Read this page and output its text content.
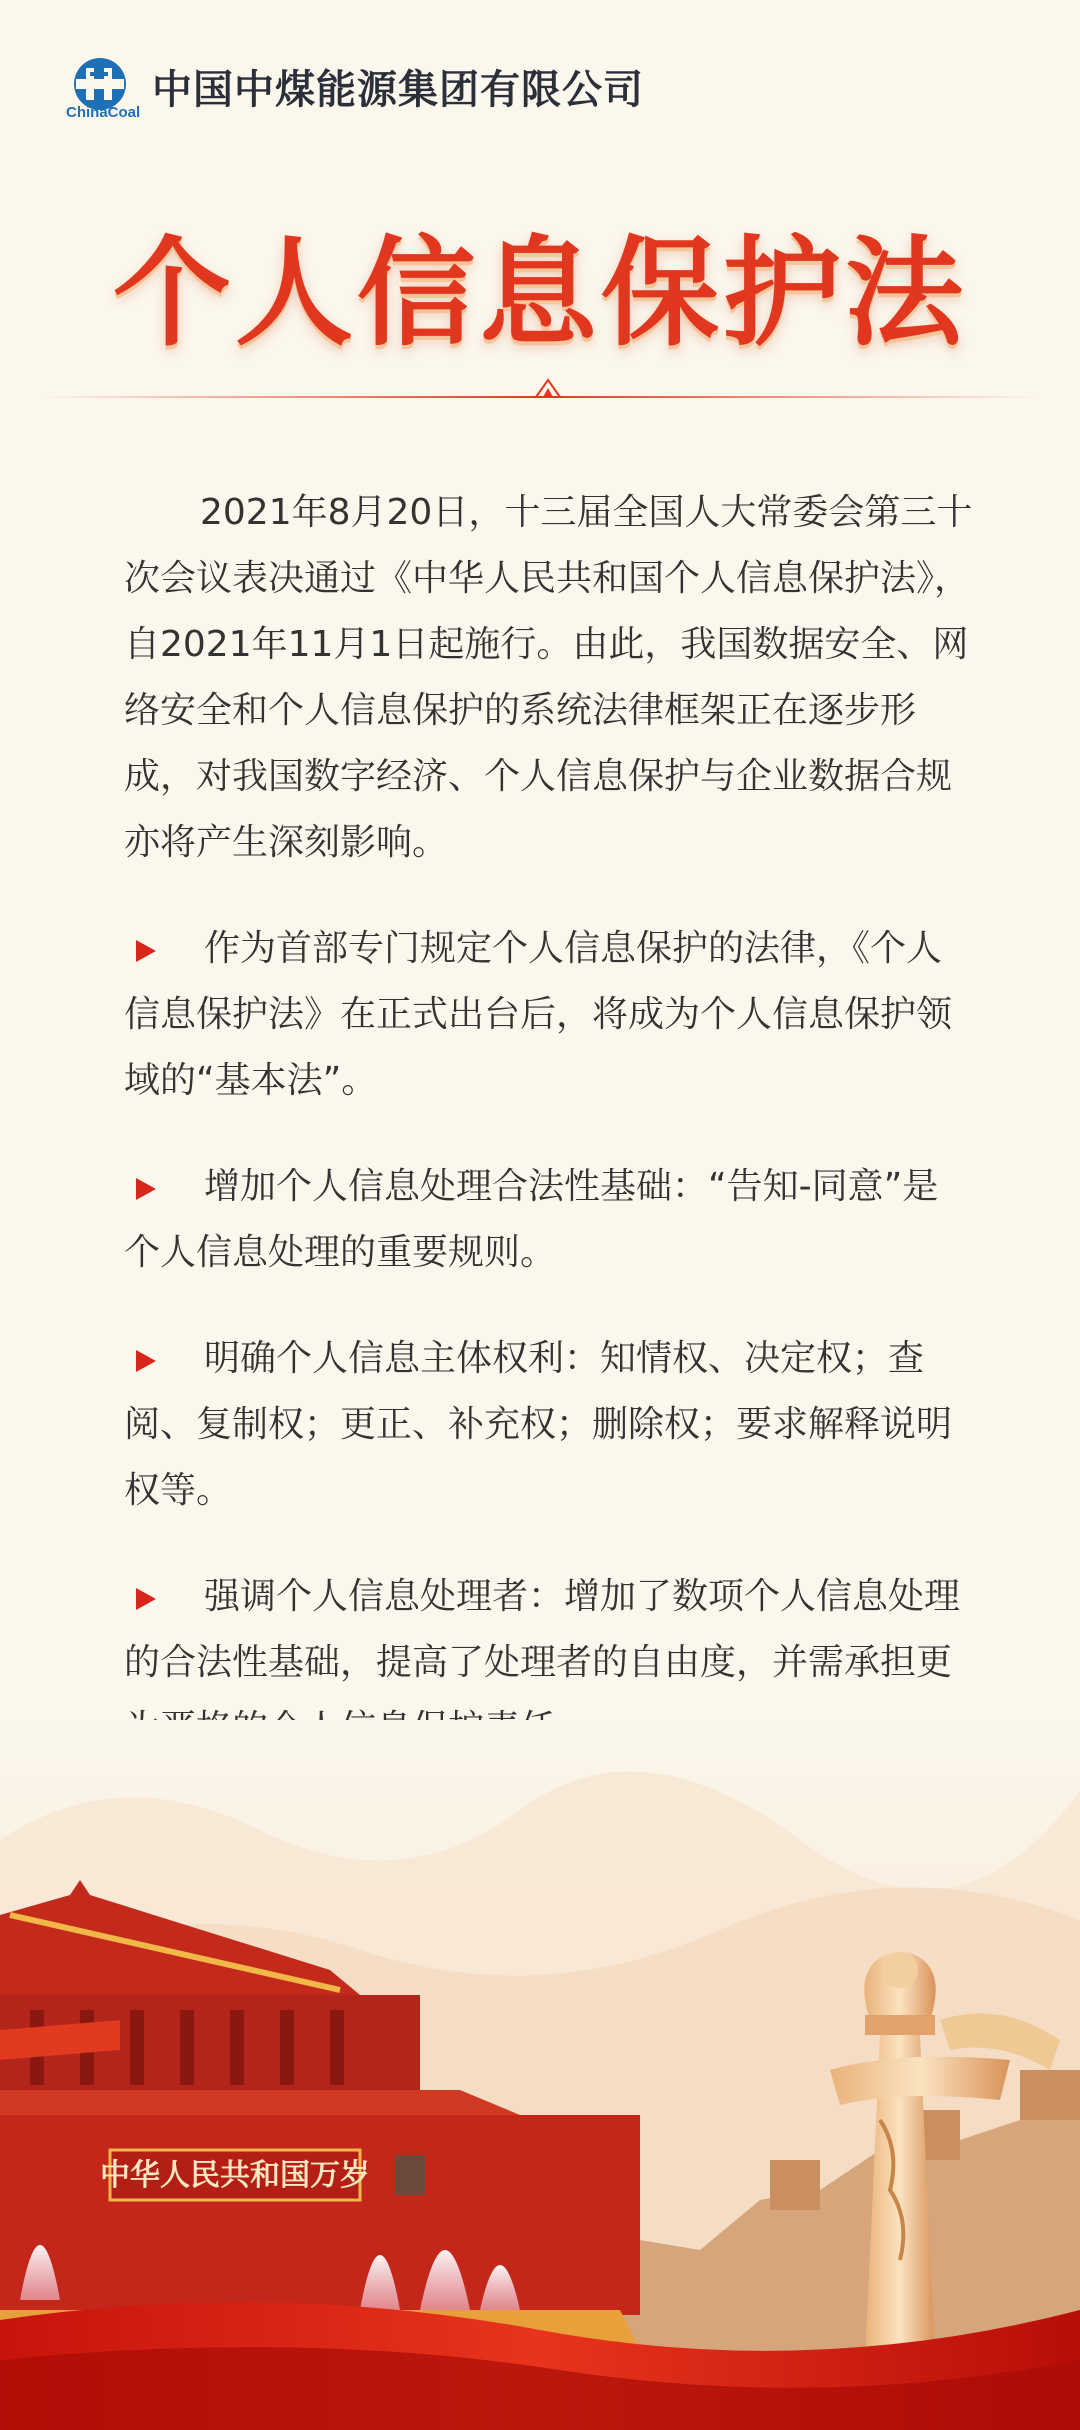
ChinaCoal 中国中煤能源集团有限公司
个人信息保护法

2021年8月20日，十三届全国人大常委会第三十次会议表决通过《中华人民共和国个人信息保护法》，自2021年11月1日起施行。由此，我国数据安全、网络安全和个人信息保护的系统法律框架正在逐步形成，对我国数字经济、个人信息保护与企业数据合规亦将产生深刻影响。

作为首部专门规定个人信息保护的法律，《个人信息保护法》在正式出台后，将成为个人信息保护领域的“基本法”。
增加个人信息处理合法性基础：“告知-同意”是个人信息处理的重要规则。
明确个人信息主体权利：知情权、决定权；查阅、复制权；更正、补充权；删除权；要求解释说明权等。
强调个人信息处理者：增加了数项个人信息处理的合法性基础，提高了处理者的自由度，并需承担更
中华人民共和国万岁
